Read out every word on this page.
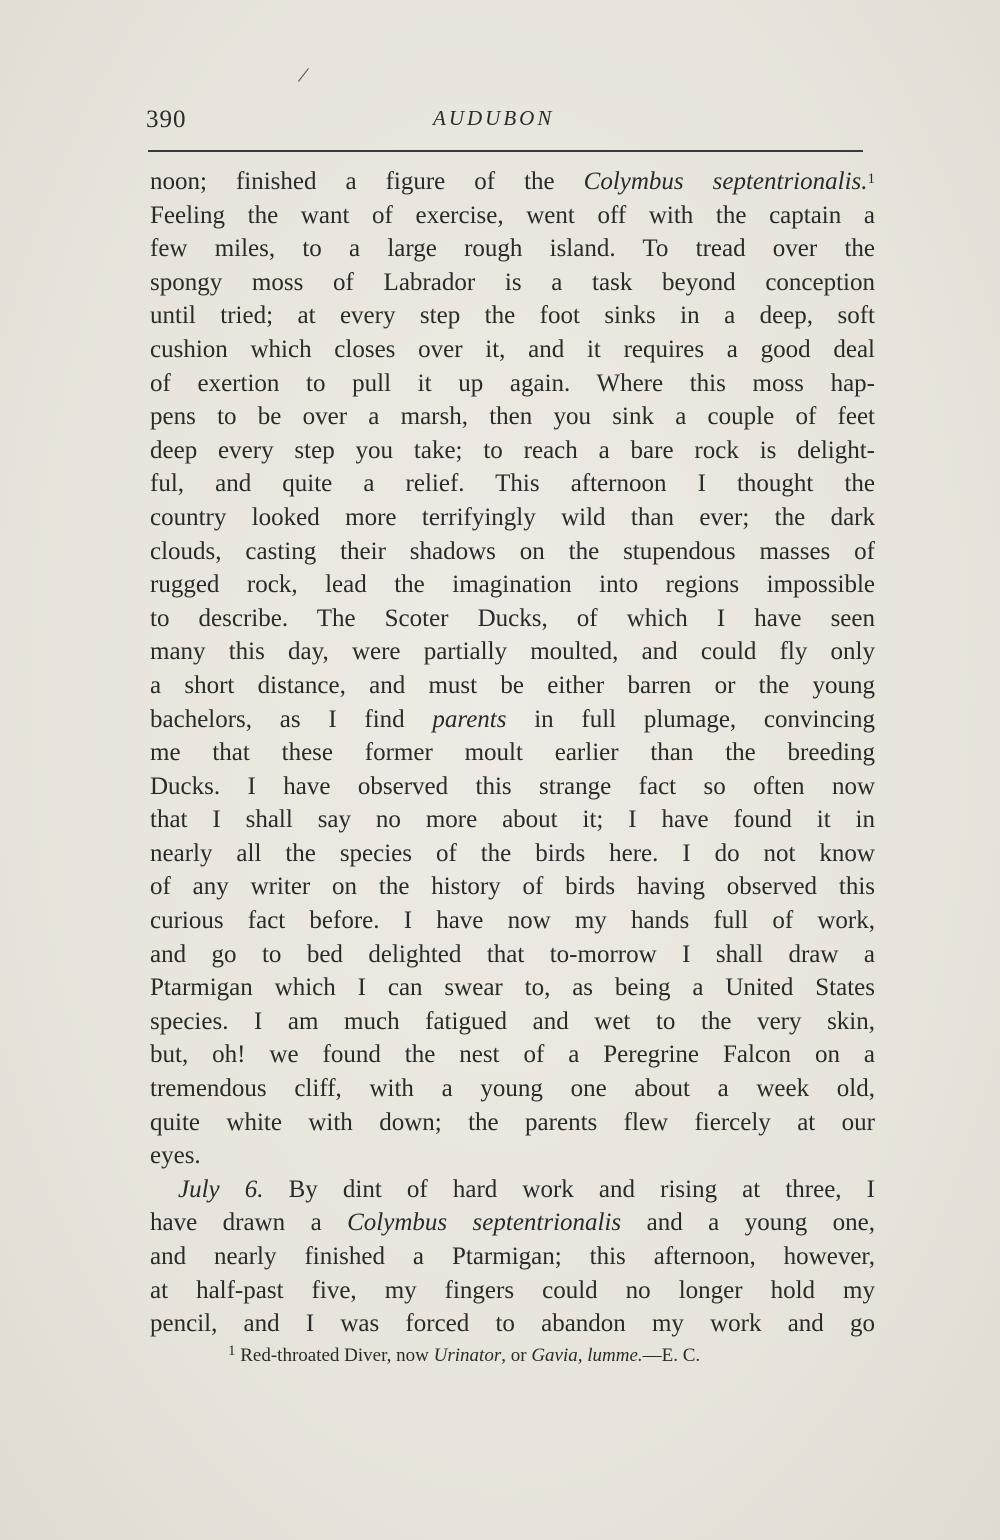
/
390	AUDUBON
noon; finished a figure of the Colymbus septentrionalis.$^1$
Feeling the want of exercise, went off with the captain a
few miles, to a large rough island. To tread over the
spongy moss of Labrador is a task beyond conception
until tried; at every step the foot sinks in a deep, soft
cushion which closes over it, and it requires a good deal
of exertion to pull it up again. Where this moss hap-
pens to be over a marsh, then you sink a couple of feet
deep every step you take; to reach a bare rock is delight-
ful, and quite a relief. This afternoon I thought the
country looked more terrifyingly wild than ever; the dark
clouds, casting their shadows on the stupendous masses of
rugged rock, lead the imagination into regions impossible
to describe. The Scoter Ducks, of which I have seen
many this day, were partially moulted, and could fly only
a short distance, and must be either barren or the young
bachelors, as I find parents in full plumage, convincing
me that these former moult earlier than the breeding
Ducks. I have observed this strange fact so often now
that I shall say no more about it; I have found it in
nearly all the species of the birds here. I do not know
of any writer on the history of birds having observed this
curious fact before. I have now my hands full of work,
and go to bed delighted that to-morrow I shall draw a
Ptarmigan which I can swear to, as being a United States
species. I am much fatigued and wet to the very skin,
but, oh! we found the nest of a Peregrine Falcon on a
tremendous cliff, with a young one about a week old,
quite white with down; the parents flew fiercely at our
eyes.
July 6. By dint of hard work and rising at three, I
have drawn a Colymbus septentrionalis and a young one,
and nearly finished a Ptarmigan; this afternoon, however,
at half-past five, my fingers could no longer hold my
pencil, and I was forced to abandon my work and go
$^1$ Red-throated Diver, now Urinator, or Gavia, lumme.—E. C.
